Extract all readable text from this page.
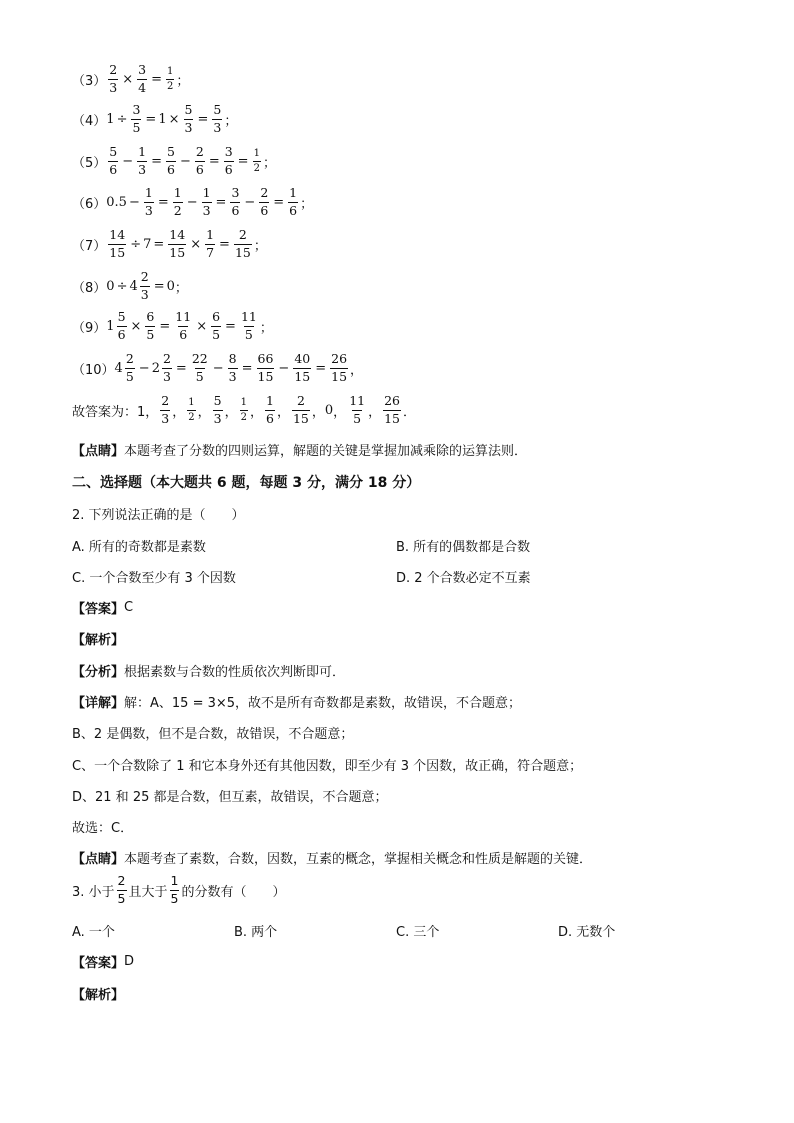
$(3) \frac{2}{3} \times \frac{3}{4} = \frac{1}{2}$ ；
（4） $1 \div \frac{3}{5} = 1 \times \frac{5}{3} = \frac{5}{3}$ ；
$(5) \frac{5}{6} - \frac{1}{3} = \frac{5}{6} - \frac{2}{6} = \frac{3}{6} = \frac{1}{2}$ ；
（6） $0.5 - \frac{1}{3} = \frac{1}{2} - \frac{1}{3} = \frac{3}{6} - \frac{2}{6} = \frac{1}{6}$ ；
$(7) \frac{14}{15} \div 7 = \frac{14}{15} \times \frac{1}{7} = \frac{2}{15}$ ；
（8） $0 \div 4 \frac{2}{3} = 0$ ；
（9） $1 \frac{5}{6} \times \frac{6}{5} = \frac{11}{6} \times \frac{6}{5} = \frac{11}{5}$ ；
（10） $4 \frac{2}{5} - 2 \frac{2}{3} = \frac{22}{5} - \frac{8}{3} = \frac{66}{15} - \frac{40}{15} = \frac{26}{15}$ ，
故答案为：1， $\frac{2}{3}$ ， $\frac{1}{2}$ ， $\frac{5}{3}$ ， $\frac{1}{2}$ ， $\frac{1}{6}$ ， $\frac{2}{15}$ ， 0 ， $\frac{11}{5}$ ， $\frac{26}{15}$ ．
【点睛】 本题考查了分数的四则运算，解题的关键是掌握加减乘除的运算法则．
二、选择题（本大题共 6 题，每题 3 分，满分 18 分）
2. 下列说法正确的是（　　）
A. 所有的奇数都是素数	B. 所有的偶数都是合数
C. 一个合数至少有 3 个因数	D. 2 个合数必定不互素
【答案】 C
【解析】
【分析】 根据素数与合数的性质依次判断即可．
【详解】 解：A、15 = 3×5，故不是所有奇数都是素数，故错误，不合题意；
B、2 是偶数，但不是合数，故错误，不合题意；
C、一个合数除了 1 和它本身外还有其他因数，即至少有 3 个因数，故正确，符合题意；
D、21 和 25 都是合数，但互素，故错误，不合题意；
故选：C．
【点睛】 本题考查了素数，合数，因数，互素的概念，掌握相关概念和性质是解题的关键．
3. 小于 $\frac{2}{5}$ 且大于 $\frac{1}{5}$ 的分数有（　　）
A. 一个	B. 两个	C. 三个	D. 无数个
【答案】 D
【解析】
